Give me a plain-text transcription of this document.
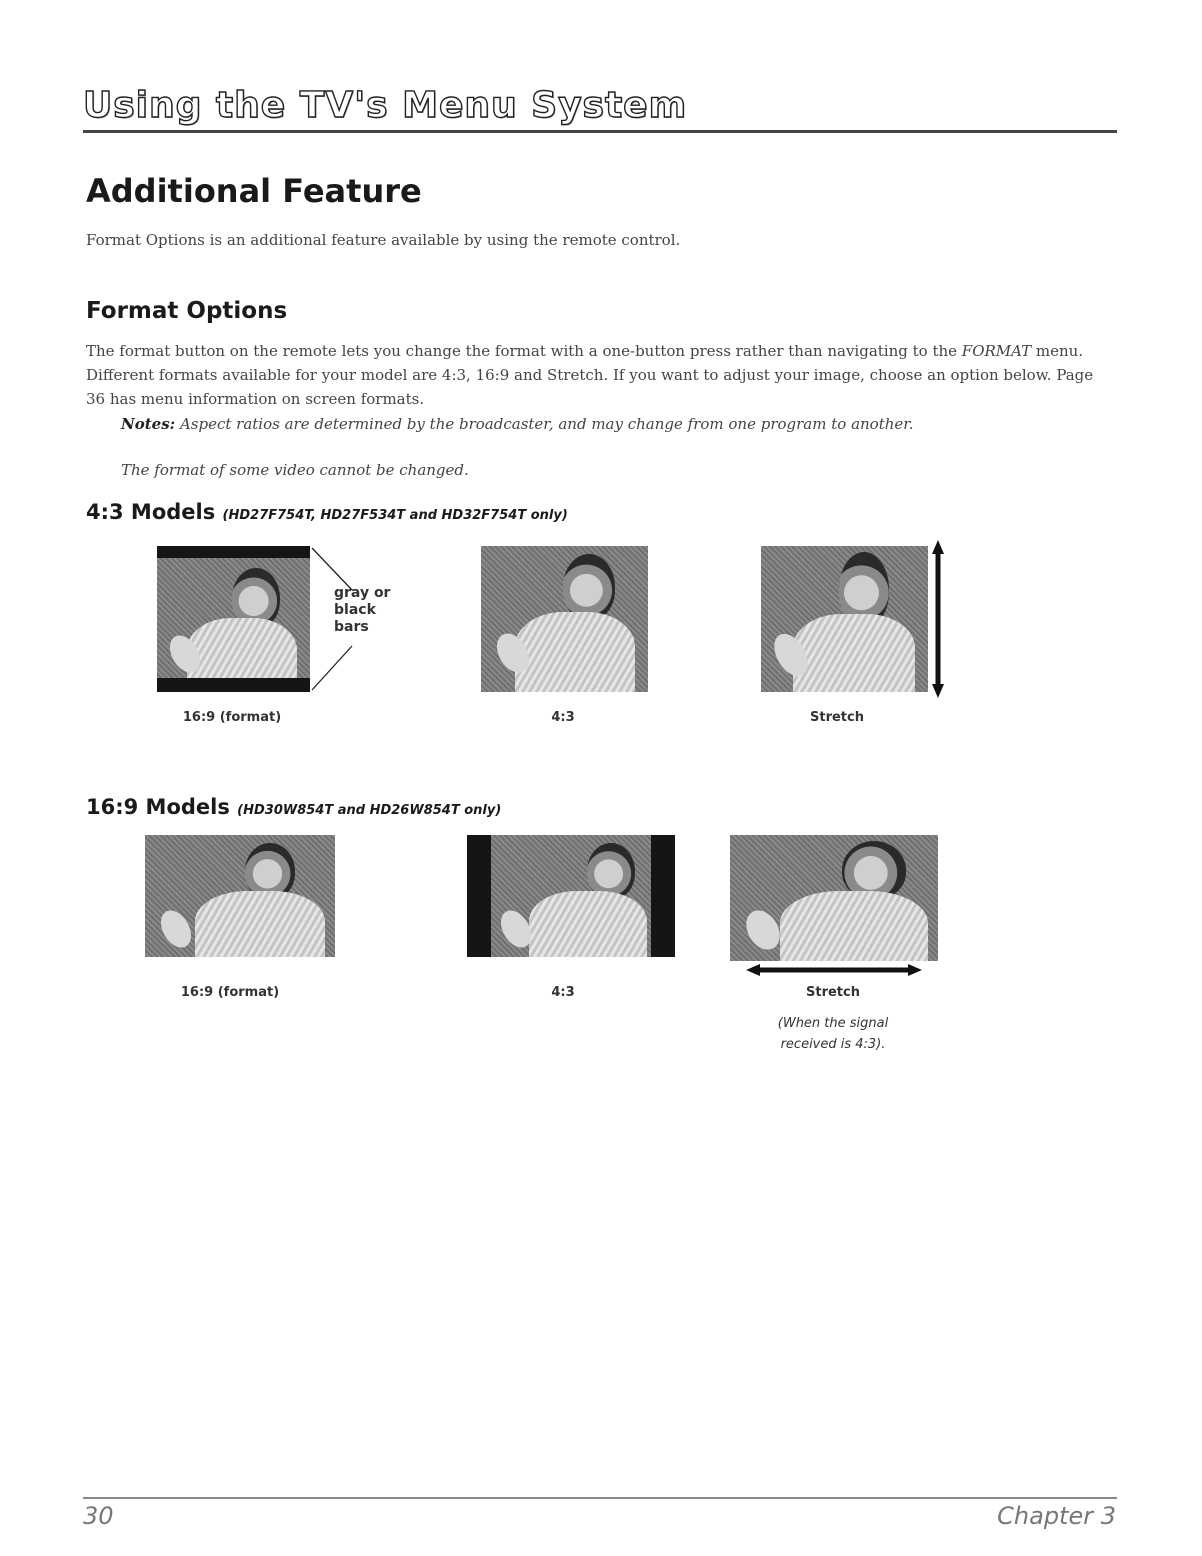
Using the TV's Menu System
Additional Feature

Format Options is an additional feature available by using the remote control.

Format Options

The format button on the remote lets you change the format with a one-button press rather than navigating to the FORMAT menu. Different formats available for your model are 4:3, 16:9 and Stretch. If you want to adjust your image, choose an option below. Page 36 has menu information on screen formats.

Notes: Aspect ratios are determined by the broadcaster, and may change from one program to another.

The format of some video cannot be changed.

4:3 Models (HD27F754T, HD27F534T and HD32F754T only)
gray or
black
bars
16:9 (format)	4:3	Stretch
16:9 Models (HD30W854T and HD26W854T only)
16:9 (format)	4:3	Stretch
(When the signal
received is 4:3).
30	Chapter 3
